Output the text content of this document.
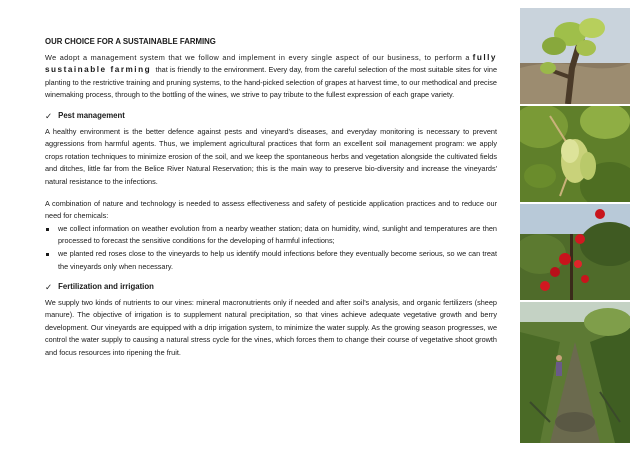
OUR CHOICE FOR A SUSTAINABLE FARMING

We adopt a management system that we follow and implement in every single aspect of our business, to perform a fully sustainable farming that is friendly to the environment. Every day, from the careful selection of the most suitable sites for vine planting to the restrictive training and pruning systems, to the hand-picked selection of grapes at harvest time, to our methodical and precise winemaking process, through to the bottling of the wines, we strive to pay tribute to the fullest expression of each grape variety.

✓ Pest management

A healthy environment is the better defence against pests and vineyard’s diseases, and everyday monitoring is necessary to prevent aggressions from harmful agents. Thus, we implement agricultural practices that form an excellent soil management program: we apply crops rotation techniques to minimize erosion of the soil, and we keep the spontaneous herbs and vegetation alongside the cultivated fields and ditches, little far from the Belice River Natural Reservation; this is the main way to preserve bio-diversity and increase the vineyards' natural resistance to the infections.

A combination of nature and technology is needed to assess effectiveness and safety of pesticide application practices and to reduce our need for chemicals:

we collect information on weather evolution from a nearby weather station; data on humidity, wind, sunlight and temperatures are then processed to forecast the sensitive conditions for the developing of harmful infections;
we planted red roses close to the vineyards to help us identify mould infections before they eventually become serious, so we can treat the vineyards only when necessary.
✓ Fertilization and irrigation

We supply two kinds of nutrients to our vines: mineral macronutrients only if needed and after soil’s analysis, and organic fertilizers (sheep manure). The objective of irrigation is to supplement natural precipitation, so that vines achieve adequate vegetative growth and berry development. Our vineyards are equipped with a drip irrigation system, to minimize the water supply. As the growing season progresses, we control the water supply to causing a natural stress cycle for the vines, which forces them to change their course of vegetative shoot growth and focus resources into ripening the fruit.
